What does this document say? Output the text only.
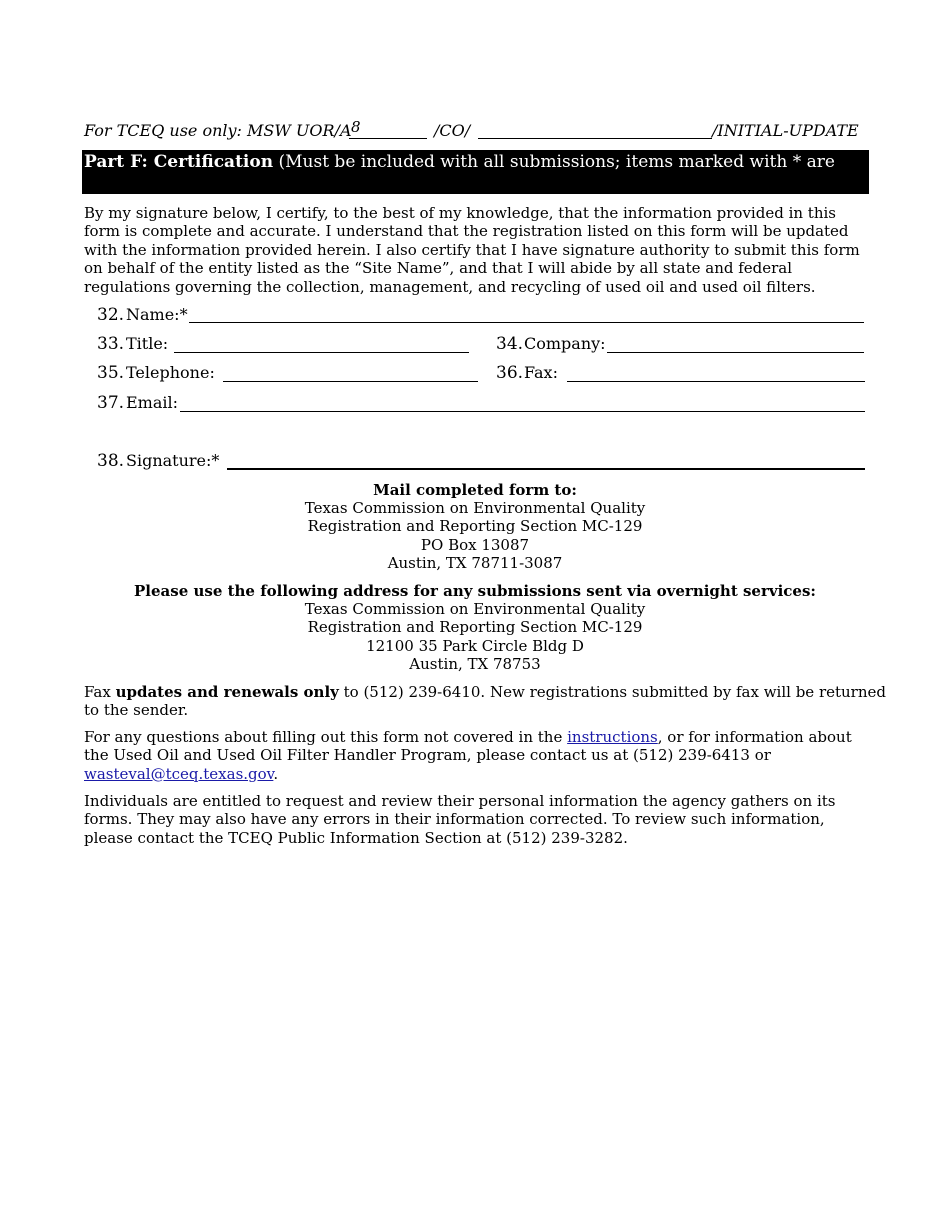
For TCEQ use only: MSW UOR/A 8	/CO/	/INITIAL-UPDATE
Part F: Certification (Must be included with all submissions; items marked with * are
By my signature below, I certify, to the best of my knowledge, that the information provided in this
form is complete and accurate. I understand that the registration listed on this form will be updated
with the information provided herein. I also certify that I have signature authority to submit this form
on behalf of the entity listed as the “Site Name”, and that I will abide by all state and federal
regulations governing the collection, management, and recycling of used oil and used oil filters.
32. Name:*
33. Title:	34. Company:
35. Telephone:	36. Fax:
37. Email:
38. Signature:*
Mail completed form to:
Texas Commission on Environmental Quality
Registration and Reporting Section MC-129
PO Box 13087
Austin, TX 78711-3087
Please use the following address for any submissions sent via overnight services:
Texas Commission on Environmental Quality
Registration and Reporting Section MC-129
12100 35 Park Circle Bldg D
Austin, TX 78753
Fax updates and renewals only to (512) 239-6410. New registrations submitted by fax will be returned
to the sender.
For any questions about filling out this form not covered in the instructions, or for information about
the Used Oil and Used Oil Filter Handler Program, please contact us at (512) 239-6413 or
wasteval@tceq.texas.gov.
Individuals are entitled to request and review their personal information the agency gathers on its
forms. They may also have any errors in their information corrected. To review such information,
please contact the TCEQ Public Information Section at (512) 239-3282.
